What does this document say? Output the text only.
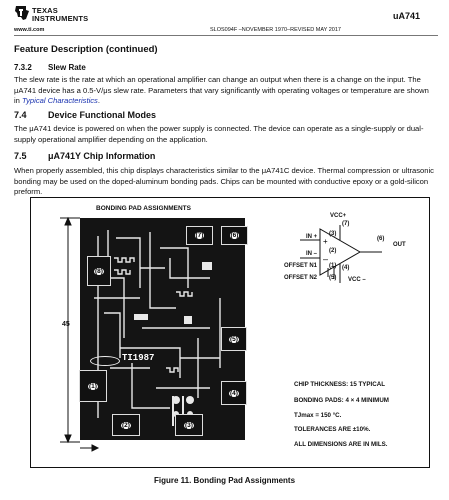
TEXAS
INSTRUMENTS
www.ti.com	SLOS094F –NOVEMBER 1970–REVISED MAY 2017
uA741
Feature Description (continued)
7.3.2 Slew Rate

The slew rate is the rate at which an operational amplifier can change an output when there is a change on the input. The μA741 device has a 0.5-V/μs slew rate. Parameters that vary significantly with operating voltages or temperature are shown in Typical Characteristics.

7.4 Device Functional Modes

The μA741 device is powered on when the power supply is connected. The device can operate as a single-supply or dual-supply operational amplifier depending on the application.

7.5 μA741Y Chip Information

When properly assembled, this chip displays characteristics similar to the μA741C device. Thermal compression or ultrasonic bonding may be used on the doped-aluminum bonding pads. Chips can be mounted with conductive epoxy or a gold-silicon preform.

TI1987
BONDING PAD ASSIGNMENTS
(7)	(6)
(8)
(5)
(1)
(4)
(2)	(3)
45
+
–
VCC+
(7)
IN + (3)
IN – (2)
OUT
(6)
OFFSET N1 (1)
OFFSET N2 (5)
(4)
VCC –
CHIP THICKNESS: 15 TYPICAL
BONDING PADS: 4 × 4 MINIMUM
TJmax = 150 °C.
TOLERANCES ARE ±10%.
ALL DIMENSIONS ARE IN MILS.
Figure 11. Bonding Pad Assignments
